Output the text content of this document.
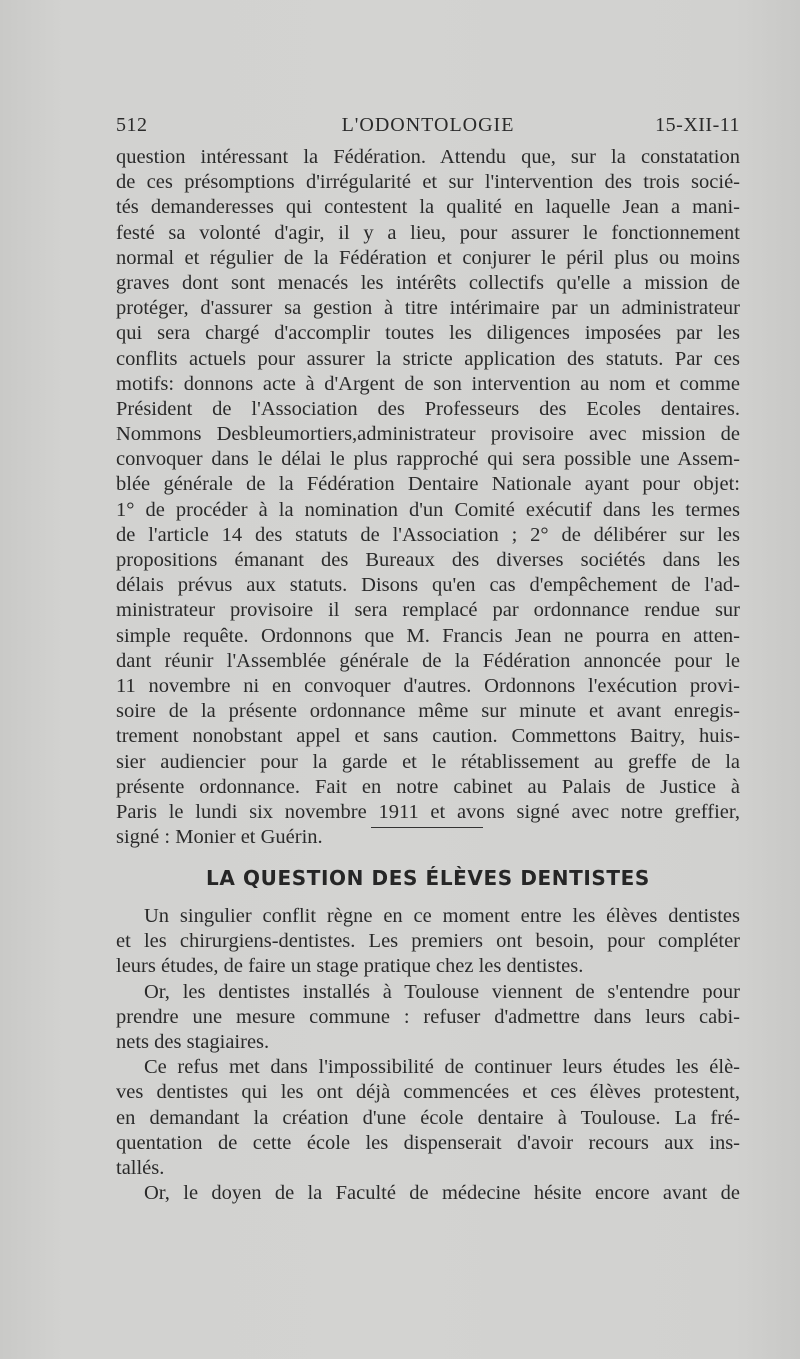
512	L'ODONTOLOGIE	15-XII-11
question intéressant la Fédération. Attendu que, sur la constatation
de ces présomptions d'irrégularité et sur l'intervention des trois socié-
tés demanderesses qui contestent la qualité en laquelle Jean a mani-
festé sa volonté d'agir, il y a lieu, pour assurer le fonctionnement
normal et régulier de la Fédération et conjurer le péril plus ou moins
graves dont sont menacés les intérêts collectifs qu'elle a mission de
protéger, d'assurer sa gestion à titre intérimaire par un administrateur
qui sera chargé d'accomplir toutes les diligences imposées par les
conflits actuels pour assurer la stricte application des statuts. Par ces
motifs: donnons acte à d'Argent de son intervention au nom et comme
Président de l'Association des Professeurs des Ecoles dentaires.
Nommons Desbleumortiers,administrateur provisoire avec mission de
convoquer dans le délai le plus rapproché qui sera possible une Assem-
blée générale de la Fédération Dentaire Nationale ayant pour objet:
1° de procéder à la nomination d'un Comité exécutif dans les termes
de l'article 14 des statuts de l'Association ; 2° de délibérer sur les
propositions émanant des Bureaux des diverses sociétés dans les
délais prévus aux statuts. Disons qu'en cas d'empêchement de l'ad-
ministrateur provisoire il sera remplacé par ordonnance rendue sur
simple requête. Ordonnons que M. Francis Jean ne pourra en atten-
dant réunir l'Assemblée générale de la Fédération annoncée pour le
11 novembre ni en convoquer d'autres. Ordonnons l'exécution provi-
soire de la présente ordonnance même sur minute et avant enregis-
trement nonobstant appel et sans caution. Commettons Baitry, huis-
sier audiencier pour la garde et le rétablissement au greffe de la
présente ordonnance. Fait en notre cabinet au Palais de Justice à
Paris le lundi six novembre 1911 et avons signé avec notre greffier,
signé : Monier et Guérin.
LA QUESTION DES ÉLÈVES DENTISTES
Un singulier conflit règne en ce moment entre les élèves dentistes
et les chirurgiens-dentistes. Les premiers ont besoin, pour compléter
leurs études, de faire un stage pratique chez les dentistes.
Or, les dentistes installés à Toulouse viennent de s'entendre pour
prendre une mesure commune : refuser d'admettre dans leurs cabi-
nets des stagiaires.
Ce refus met dans l'impossibilité de continuer leurs études les élè-
ves dentistes qui les ont déjà commencées et ces élèves protestent,
en demandant la création d'une école dentaire à Toulouse. La fré-
quentation de cette école les dispenserait d'avoir recours aux ins-
tallés.
Or, le doyen de la Faculté de médecine hésite encore avant de
